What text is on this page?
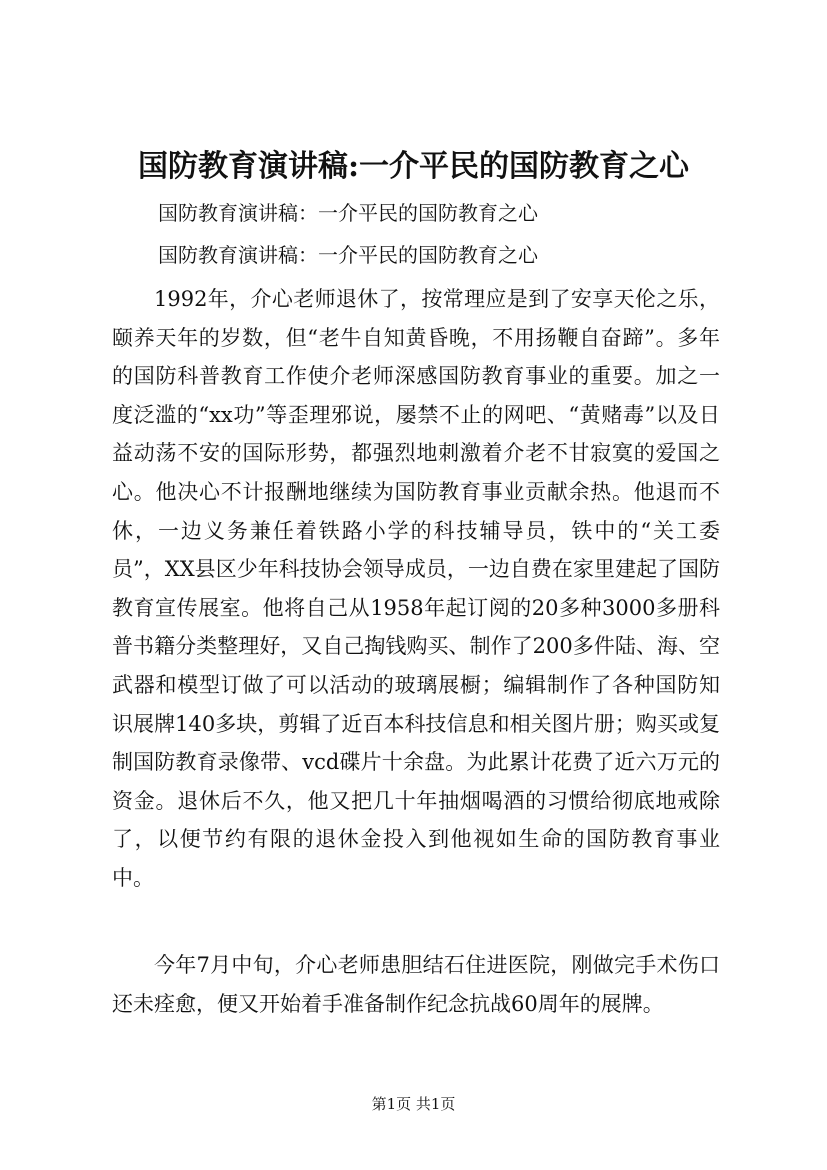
国防教育演讲稿:一介平民的国防教育之心
国防教育演讲稿：一介平民的国防教育之心
国防教育演讲稿：一介平民的国防教育之心

1992年，介心老师退休了，按常理应是到了安享天伦之乐，颐养天年的岁数，但“老牛自知黄昏晚，不用扬鞭自奋蹄”。多年的国防科普教育工作使介老师深感国防教育事业的重要。加之一度泛滥的“xx功”等歪理邪说，屡禁不止的网吧、“黄赌毒”以及日益动荡不安的国际形势，都强烈地刺激着介老不甘寂寞的爱国之心。他决心不计报酬地继续为国防教育事业贡献余热。他退而不休，一边义务兼任着铁路小学的科技辅导员，铁中的“关工委员”，XX县区少年科技协会领导成员，一边自费在家里建起了国防教育宣传展室。他将自己从1958年起订阅的20多种3000多册科普书籍分类整理好，又自己掏钱购买、制作了200多件陆、海、空武器和模型订做了可以活动的玻璃展橱；编辑制作了各种国防知识展牌140多块，剪辑了近百本科技信息和相关图片册；购买或复制国防教育录像带、vcd碟片十余盘。为此累计花费了近六万元的资金。退休后不久，他又把几十年抽烟喝酒的习惯给彻底地戒除了，以便节约有限的退休金投入到他视如生命的国防教育事业中。

今年7月中旬，介心老师患胆结石住进医院，刚做完手术伤口还未痊愈，便又开始着手准备制作纪念抗战60周年的展牌。

第1页 共1页
